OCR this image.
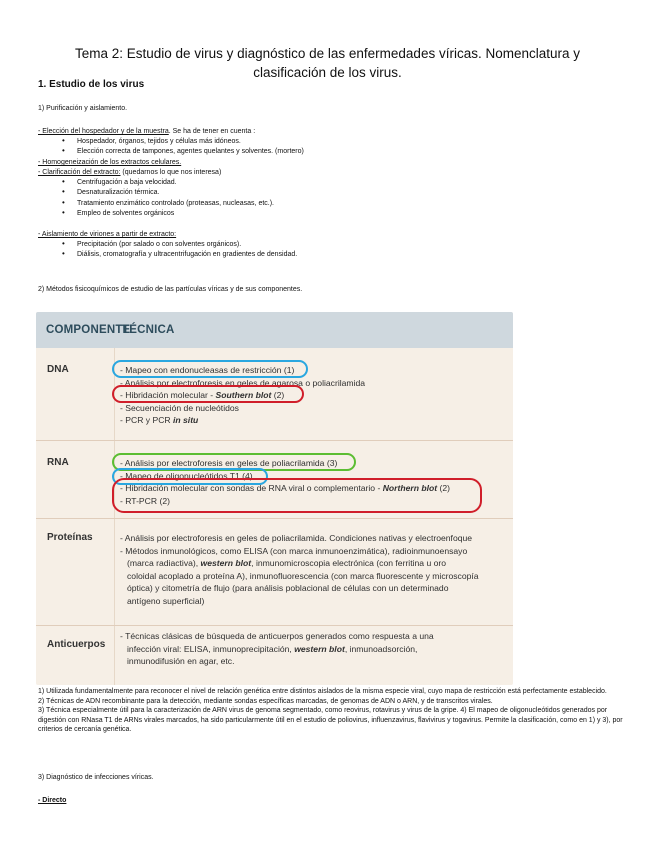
Tema 2: Estudio de virus y diagnóstico de las enfermedades víricas. Nomenclatura y clasificación de los virus.
1. Estudio de los virus
1) Purificación y aislamiento.
- Elección del hospedador y de la muestra. Se ha de tener en cuenta :
• Hospedador, órganos, tejidos y células más idóneos.
• Elección correcta de tampones, agentes quelantes y solventes. (mortero)
- Homogeneización de los extractos celulares.
- Clarificación del extracto: (quedarnos lo que nos interesa)
• Centrifugación a baja velocidad.
• Desnaturalización térmica.
• Tratamiento enzimático controlado (proteasas, nucleasas, etc.).
• Empleo de solventes orgánicos
- Aislamiento de viriones a partir de extracto:
• Precipitación (por salado o con solventes orgánicos).
• Diálisis, cromatografía y ultracentrifugación en gradientes de densidad.
2) Métodos fisicoquímicos de estudio de las partículas víricas y de sus componentes.
COMPONENTE
TÉCNICA
DNA	- Mapeo con endonucleasas de restricción (1)
- Análisis por electroforesis en geles de agarosa o poliacrilamida
- Hibridación molecular - Southern blot (2)
- Secuenciación de nucleótidos
- PCR y PCR in situ
RNA	- Análisis por electroforesis en geles de poliacrilamida (3)
- Mapeo de oligonucleótidos T1 (4)
- Hibridación molecular con sondas de RNA viral o complementario - Northern blot (2)
- RT-PCR (2)
Proteínas	- Análisis por electroforesis en geles de poliacrilamida. Condiciones nativas y electroenfoque
- Métodos inmunológicos, como ELISA (con marca inmunoenzimática), radioinmunoensayo
(marca radiactiva), western blot, inmunomicroscopia electrónica (con ferritina u oro
coloidal acoplado a proteína A), inmunofluorescencia (con marca fluorescente y microscopía
óptica) y citometría de flujo (para análisis poblacional de células con un determinado
antígeno superficial)
Anticuerpos
- Técnicas clásicas de búsqueda de anticuerpos generados como respuesta a una
infección viral: ELISA, inmunoprecipitación, western blot, inmunoadsorción,
inmunodifusión en agar, etc.
1) Utilizada fundamentalmente para reconocer el nivel de relación genética entre distintos aislados de la misma especie viral, cuyo mapa de restricción está perfectamente establecido.
2) Técnicas de ADN recombinante para la detección, mediante sondas específicas marcadas, de genomas de ADN o ARN, y de transcritos virales.
3) Técnica especialmente útil para la caracterización de ARN virus de genoma segmentado, como reovirus, rotavirus y virus de la gripe. 4) El mapeo de oligonucleótidos generados por digestión con RNasa T1 de ARNs virales marcados, ha sido particularmente útil en el estudio de poliovirus, influenzavirus, flavivirus y togavirus. Permite la clasificación, como en 1) y 3), por criterios de cercanía genética.
3) Diagnóstico de infecciones víricas.
- Directo
